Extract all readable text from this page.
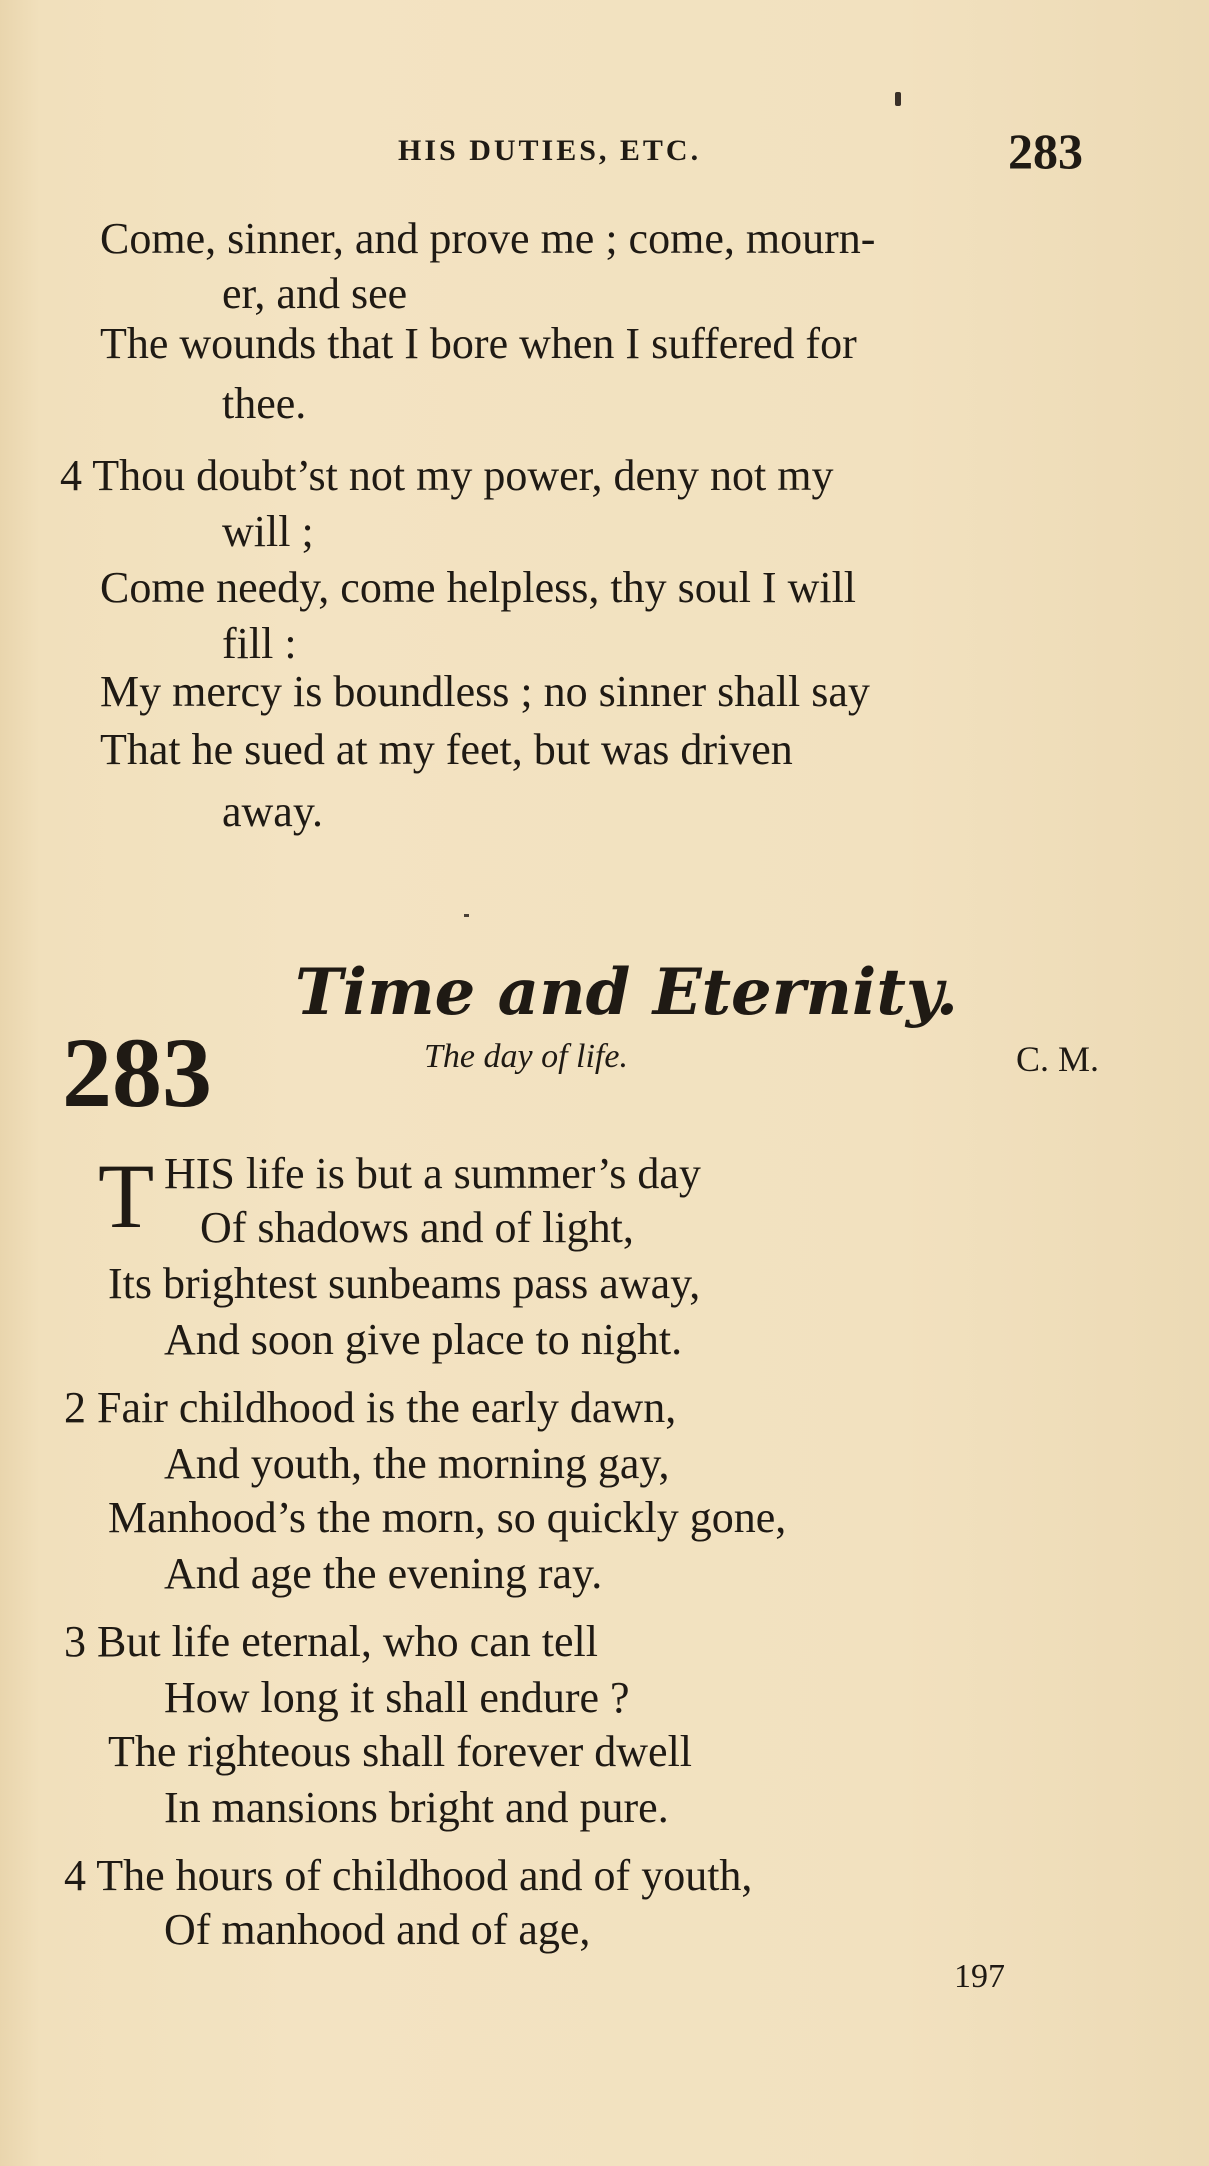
HIS DUTIES, ETC.	283
Come, sinner, and prove me ; come, mourn-
er, and see
The wounds that I bore when I suffered for
thee.
4 Thou doubt’st not my power, deny not my
will ;
Come needy, come helpless, thy soul I will
fill :
My mercy is boundless ; no sinner shall say
That he sued at my feet, but was driven
away.
Time and Eternity.
283	The day of life.	C. M.
T HIS life is but a summer’s day
Of shadows and of light,
Its brightest sunbeams pass away,
And soon give place to night.
2 Fair childhood is the early dawn,
And youth, the morning gay,
Manhood’s the morn, so quickly gone,
And age the evening ray.
3 But life eternal, who can tell
How long it shall endure ?
The righteous shall forever dwell
In mansions bright and pure.
4 The hours of childhood and of youth,
Of manhood and of age,
197
